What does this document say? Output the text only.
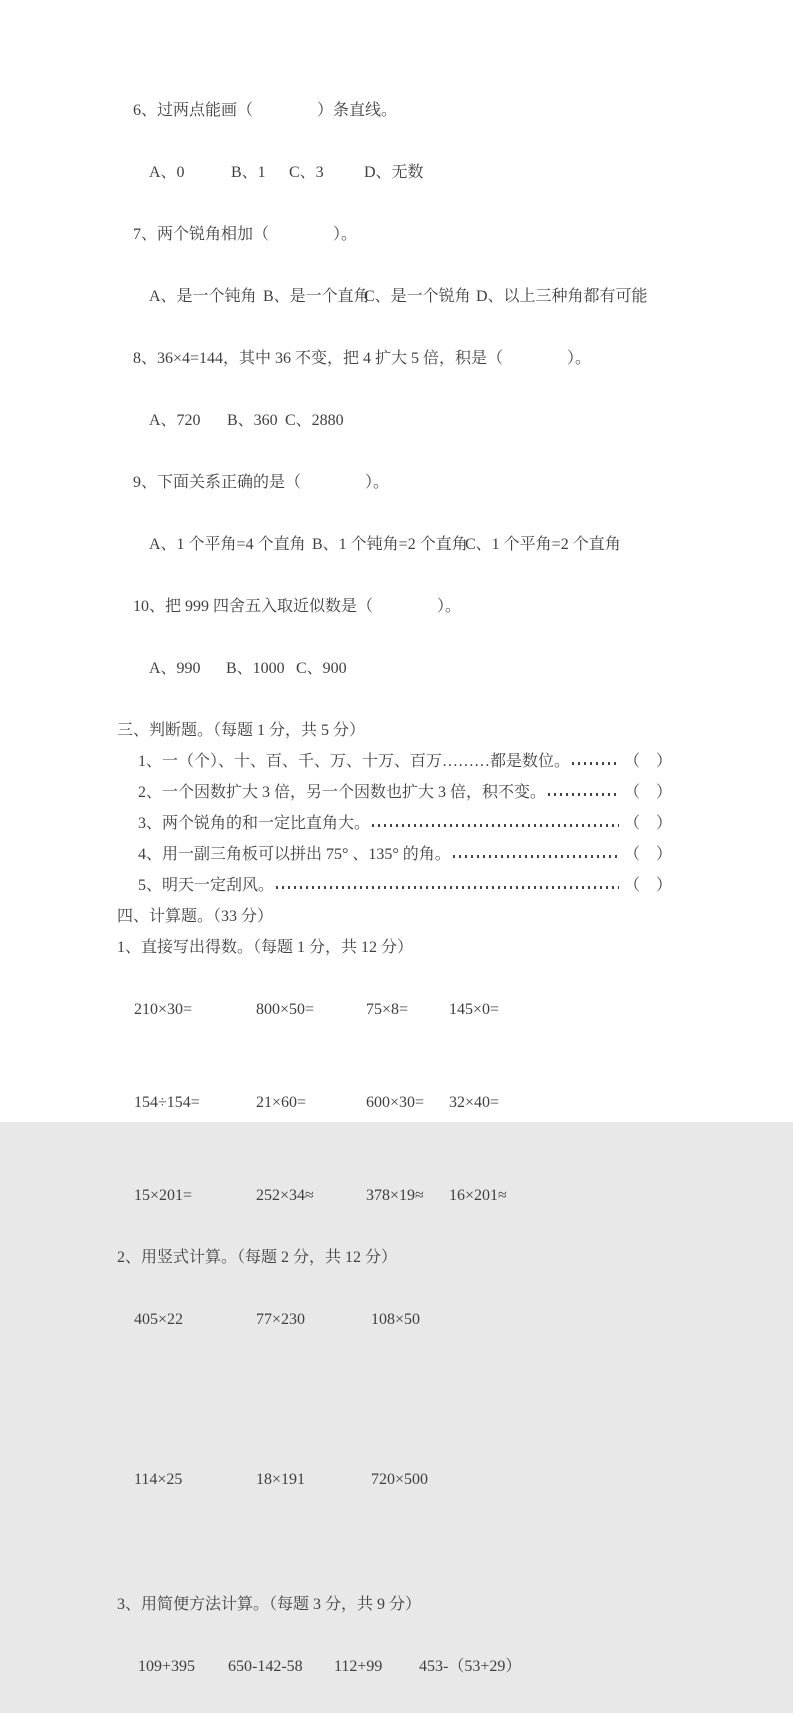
6、过两点能画（　　　　）条直线。

A、0	B、1 C、3	D、无数

7、两个锐角相加（　　　　）。

A、是一个钝角 B、是一个直角C、是一个锐角 D、以上三种角都有可能

8、36×4=144，其中 36 不变，把 4 扩大 5 倍，积是（　　　　）。

A、720 B、360 C、2880

9、下面关系正确的是（　　　　）。

A、1 个平角=4 个直角 B、1 个钝角=2 个直角C、1 个平角=2 个直角

10、把 999 四舍五入取近似数是（　　　　）。

A、990 B、1000 C、900

三、判断题。（每题 1 分，共 5 分）
1、一（个）、十、百、千、万、十万、百万………都是数位。	（　）
2、一个因数扩大 3 倍，另一个因数也扩大 3 倍，积不变。	（　）
3、两个锐角的和一定比直角大。	（　）
4、用一副三角板可以拼出 75° 、135° 的角。	（　）
5、明天一定刮风。	（　）
四、计算题。（33 分）
1、直接写出得数。（每题 1 分，共 12 分）

210×30=	800×50=	75×8=	145×0=

154÷154=	21×60=	600×30= 32×40=

15×201=	252×34≈	378×19≈ 16×201≈

2、用竖式计算。（每题 2 分，共 12 分）

405×22	77×230	108×50

114×25	18×191	720×500

3、用简便方法计算。（每题 3 分，共 9 分）

109+395 650-142-58 112+99 453-（53+29）
